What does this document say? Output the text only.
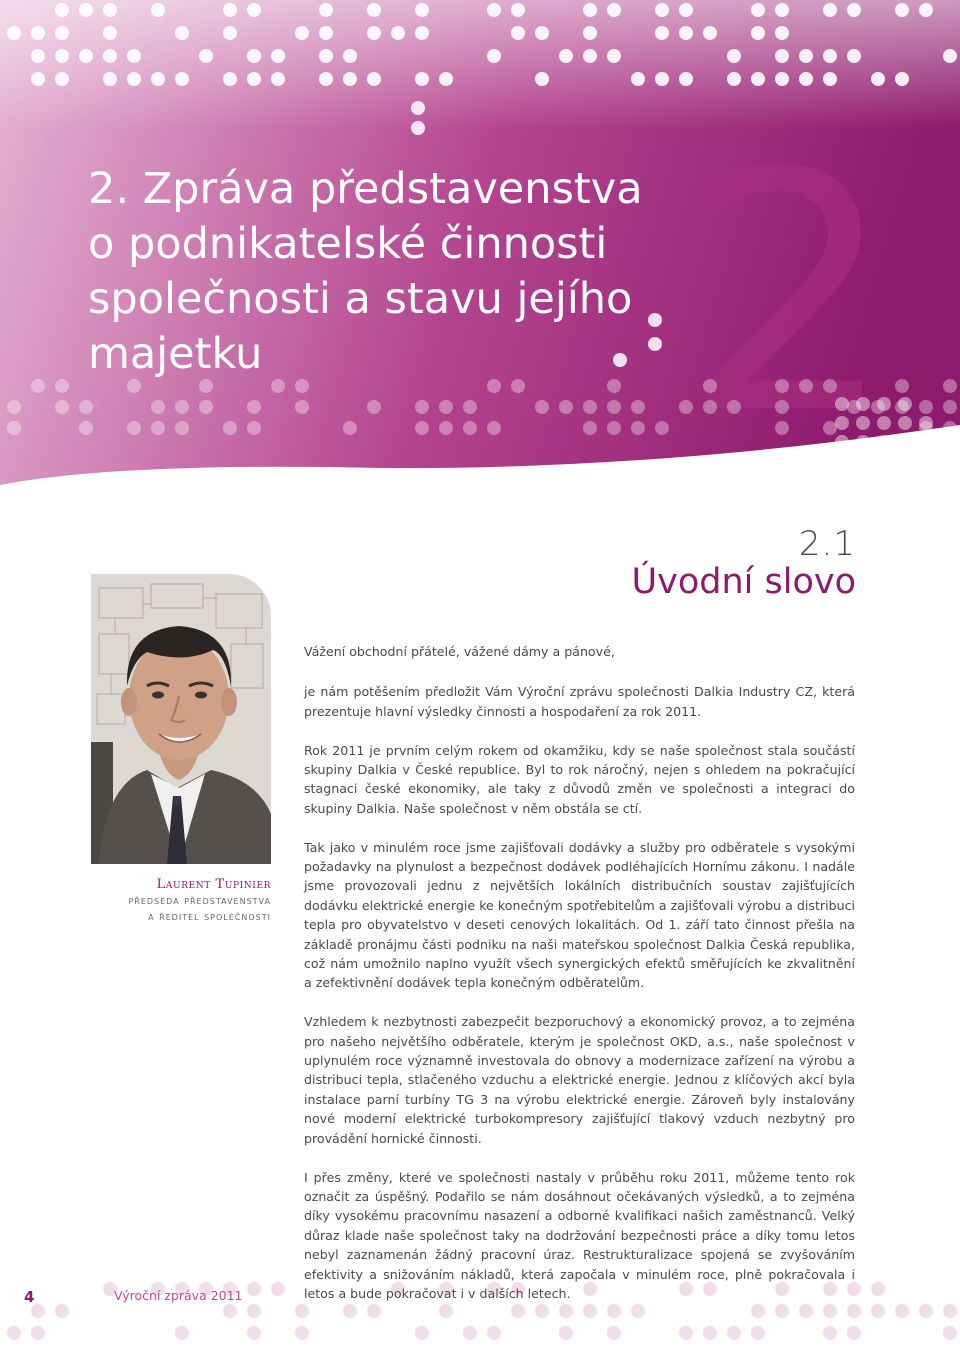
2
2. Zpráva představenstva
o podnikatelské činnosti
společnosti a stavu jejího
majetku
2.1
Úvodní slovo
Laurent Tupinier
předseda představenstva
a ředitel společnosti

Vážení obchodní přátelé, vážené dámy a pánové,

je nám potěšením předložit Vám Výroční zprávu společnosti Dalkia Industry CZ, která prezentuje hlavní výsledky činnosti a hospodaření za rok 2011.

Rok 2011 je prvním celým rokem od okamžiku, kdy se naše společnost stala součástí skupiny Dalkia v České republice. Byl to rok náročný, nejen s ohledem na pokračující stagnaci české ekonomiky, ale taky z důvodů změn ve společnosti a integraci do skupiny Dalkia. Naše společnost v něm obstála se ctí.

Tak jako v minulém roce jsme zajišťovali dodávky a služby pro odběratele s vysokými požadavky na plynulost a bezpečnost dodávek podléhajících Hornímu zákonu. I nadále jsme provozovali jednu z největších lokálních distribučních soustav zajišťujících dodávku elektrické energie ke konečným spotřebitelům a zajišťovali výrobu a distribuci tepla pro obyvatelstvo v deseti cenových lokalitách. Od 1. září tato činnost přešla na základě pronájmu části podniku na naši mateřskou společnost Dalkia Česká republika, což nám umožnilo naplno využít všech synergických efektů směřujících ke zkvalitnění a zefektivnění dodávek tepla konečným odběratelům.

Vzhledem k nezbytnosti zabezpečit bezporuchový a ekonomický provoz, a to zejména pro našeho největšího odběratele, kterým je společnost OKD, a.s., naše společnost v uplynulém roce významně investovala do obnovy a modernizace zařízení na výrobu a distribuci tepla, stlačeného vzduchu a elektrické energie. Jednou z klíčových akcí byla instalace parní turbíny TG 3 na výrobu elektrické energie. Zároveň byly instalovány nové moderní elektrické turbokompresory zajišťující tlakový vzduch nezbytný pro provádění hornické činnosti.

I přes změny, které ve společnosti nastaly v průběhu roku 2011, můžeme tento rok označit za úspěšný. Podařilo se nám dosáhnout očekávaných výsledků, a to zejména díky vysokému pracovnímu nasazení a odborné kvalifikaci našich zaměstnanců. Velký důraz klade naše společnost taky na dodržování bezpečnosti práce a díky tomu letos nebyl zaznamenán žádný pracovní úraz. Restrukturalizace spojená se zvyšováním efektivity a snižováním nákladů, která započala v minulém roce, plně pokračovala i letos a bude pokračovat i v dalších letech.

4	Výroční zpráva 2011
